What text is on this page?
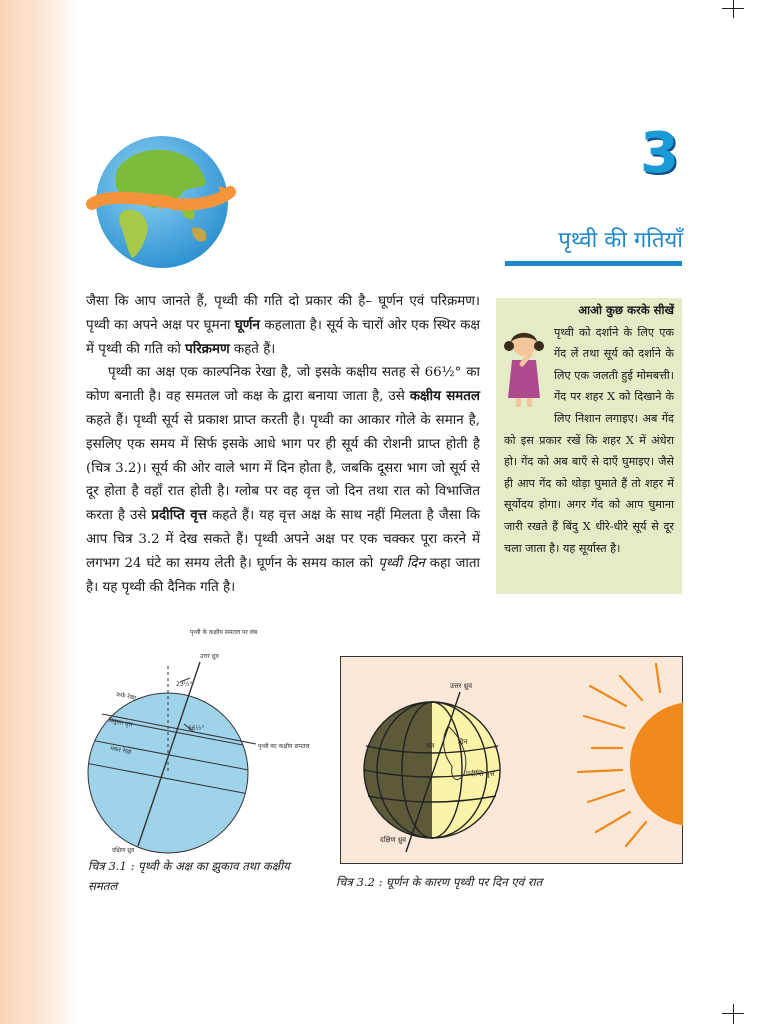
3
पृथ्वी की गतियाँ

जैसा कि आप जानते हैं, पृथ्वी की गति दो प्रकार की है– घूर्णन एवं परिक्रमण। पृथ्वी का अपने अक्ष पर घूमना घूर्णन कहलाता है। सूर्य के चारों ओर एक स्थिर कक्ष में पृथ्वी की गति को परिक्रमण कहते हैं।

पृथ्वी का अक्ष एक काल्पनिक रेखा है, जो इसके कक्षीय सतह से 66½° का कोण बनाती है। वह समतल जो कक्ष के द्वारा बनाया जाता है, उसे कक्षीय समतल कहते हैं। पृथ्वी सूर्य से प्रकाश प्राप्त करती है। पृथ्वी का आकार गोले के समान है, इसलिए एक समय में सिर्फ इसके आधे भाग पर ही सूर्य की रोशनी प्राप्त होती है (चित्र 3.2)। सूर्य की ओर वाले भाग में दिन होता है, जबकि दूसरा भाग जो सूर्य से दूर होता है वहाँ रात होती है। ग्लोब पर वह वृत्त जो दिन तथा रात को विभाजित करता है उसे प्रदीप्ति वृत्त कहते हैं। यह वृत्त अक्ष के साथ नहीं मिलता है जैसा कि आप चित्र 3.2 में देख सकते हैं। पृथ्वी अपने अक्ष पर एक चक्कर पूरा करने में लगभग 24 घंटे का समय लेती है। घूर्णन के समय काल को पृथ्वी दिन कहा जाता है। यह पृथ्वी की दैनिक गति है।

आओ कुछ करके सीखें
पृथ्वी को दर्शाने के लिए एक गेंद लें तथा सूर्य को दर्शाने के लिए एक जलती हुई मोमबत्ती। गेंद पर शहर X को दिखाने के लिए निशान लगाइए। अब गेंद को इस प्रकार रखें कि शहर X में अंधेरा हो। गेंद को अब बाएँ से दाएँ घुमाइए। जैसे ही आप गेंद को थोड़ा घुमाते हैं तो शहर में सूर्योदय होगा। अगर गेंद को आप घुमाना जारी रखते हैं बिंदु X धीरे-धीरे सूर्य से दूर चला जाता है। यह सूर्यास्त है।
पृथ्वी के कक्षीय समतल पर लंब
उत्तर ध्रुव
23½°
66½°
कर्क रेखा
विषुवत वृत्त
मकर रेखा	पृथ्वी का कक्षीय समतल
दक्षिण ध्रुव
चित्र 3.1 : पृथ्वी के अक्ष का झुकाव तथा कक्षीय समतल
उत्तर ध्रुव
दक्षिण ध्रुव
दिन
रात
प्रदीप्ति वृत्त
चित्र 3.2 : घूर्णन के कारण पृथ्वी पर दिन एवं रात
